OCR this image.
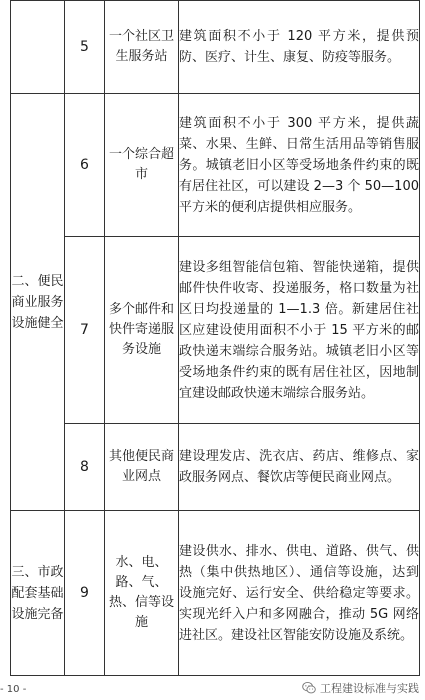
	5	一个社区卫生服务站	建筑面积不小于 120 平方米，提供预防、医疗、计生、康复、防疫等服务。
二、便民商业服务设施健全	6	一个综合超市	建筑面积不小于 300 平方米，提供蔬菜、水果、生鲜、日常生活用品等销售服务。城镇老旧小区等受场地条件约束的既有居住社区，可以建设 2—3 个 50—100 平方米的便利店提供相应服务。
	7	多个邮件和快件寄递服务设施	建设多组智能信包箱、智能快递箱，提供邮件快件收寄、投递服务，格口数量为社区日均投递量的 1—1.3 倍。新建居住社区应建设使用面积不小于 15 平方米的邮政快递末端综合服务站。城镇老旧小区等受场地条件约束的既有居住社区，因地制宜建设邮政快递末端综合服务站。
	8	其他便民商业网点	建设理发店、洗衣店、药店、维修点、家政服务网点、餐饮店等便民商业网点。
三、市政配套基础设施完备	9	水、电、路、气、热、信等设施	建设供水、排水、供电、道路、供气、供热（集中供热地区）、通信等设施，达到设施完好、运行安全、供给稳定等要求。实现光纤入户和多网融合，推动 5G 网络进社区。建设社区智能安防设施及系统。
- 10 -	工程建设标准与实践
